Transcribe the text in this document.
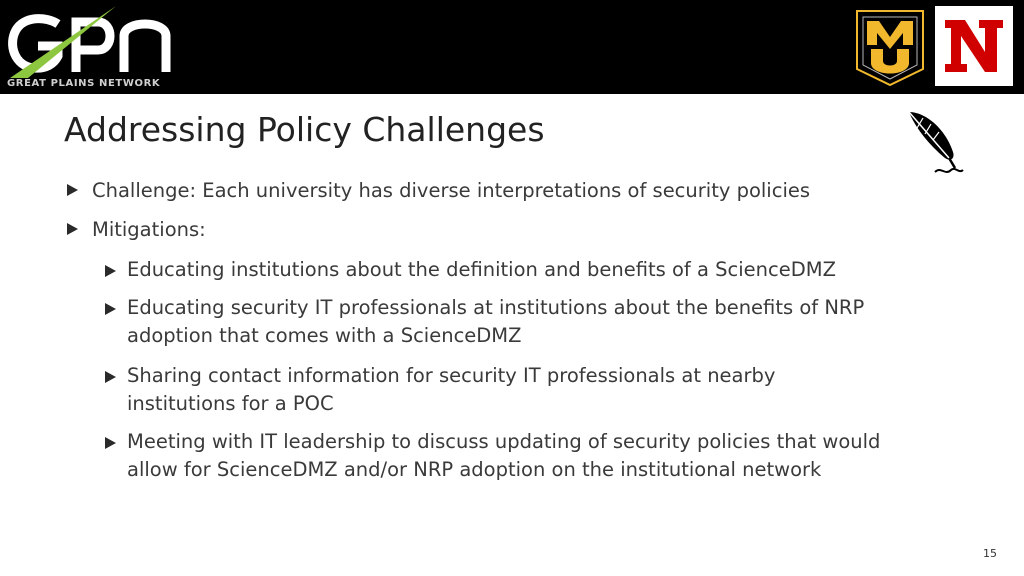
GREAT PLAINS NETWORK
Addressing Policy Challenges
Challenge: Each university has diverse interpretations of security policies
Mitigations:
Educating institutions about the definition and benefits of a ScienceDMZ
Educating security IT professionals at institutions about the benefits of NRP adoption that comes with a ScienceDMZ
Sharing contact information for security IT professionals at nearby institutions for a POC
Meeting with IT leadership to discuss updating of security policies that would allow for ScienceDMZ and/or NRP adoption on the institutional network
15
